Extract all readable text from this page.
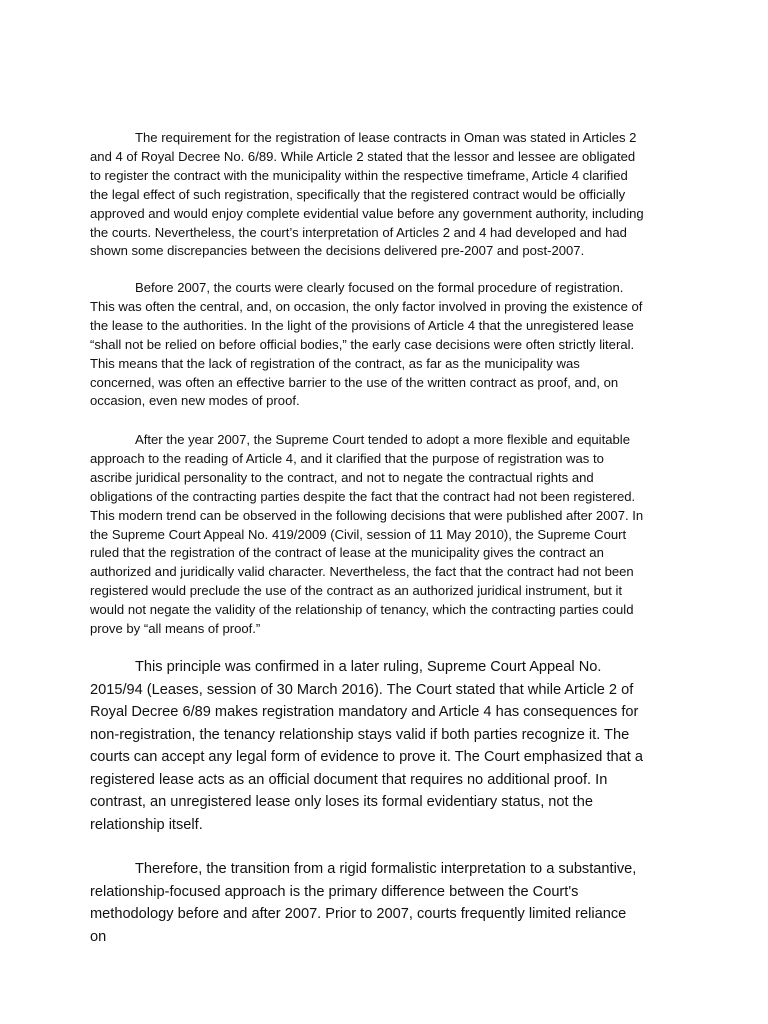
The requirement for the registration of lease contracts in Oman was stated in Articles 2 and 4 of Royal Decree No. 6/89. While Article 2 stated that the lessor and lessee are obligated to register the contract with the municipality within the respective timeframe, Article 4 clarified the legal effect of such registration, specifically that the registered contract would be officially approved and would enjoy complete evidential value before any government authority, including the courts. Nevertheless, the court’s interpretation of Articles 2 and 4 had developed and had shown some discrepancies between the decisions delivered pre-2007 and post-2007.

Before 2007, the courts were clearly focused on the formal procedure of registration. This was often the central, and, on occasion, the only factor involved in proving the existence of the lease to the authorities. In the light of the provisions of Article 4 that the unregistered lease “shall not be relied on before official bodies,” the early case decisions were often strictly literal. This means that the lack of registration of the contract, as far as the municipality was concerned, was often an effective barrier to the use of the written contract as proof, and, on occasion, even new modes of proof.

After the year 2007, the Supreme Court tended to adopt a more flexible and equitable approach to the reading of Article 4, and it clarified that the purpose of registration was to ascribe juridical personality to the contract, and not to negate the contractual rights and obligations of the contracting parties despite the fact that the contract had not been registered. This modern trend can be observed in the following decisions that were published after 2007. In the Supreme Court Appeal No. 419/2009 (Civil, session of 11 May 2010), the Supreme Court ruled that the registration of the contract of lease at the municipality gives the contract an authorized and juridically valid character. Nevertheless, the fact that the contract had not been registered would preclude the use of the contract as an authorized juridical instrument, but it would not negate the validity of the relationship of tenancy, which the contracting parties could prove by “all means of proof.”

This principle was confirmed in a later ruling, Supreme Court Appeal No. 2015/94 (Leases, session of 30 March 2016). The Court stated that while Article 2 of Royal Decree 6/89 makes registration mandatory and Article 4 has consequences for non-registration, the tenancy relationship stays valid if both parties recognize it. The courts can accept any legal form of evidence to prove it. The Court emphasized that a registered lease acts as an official document that requires no additional proof. In contrast, an unregistered lease only loses its formal evidentiary status, not the relationship itself.

Therefore, the transition from a rigid formalistic interpretation to a substantive, relationship-focused approach is the primary difference between the Court's methodology before and after 2007. Prior to 2007, courts frequently limited reliance on
